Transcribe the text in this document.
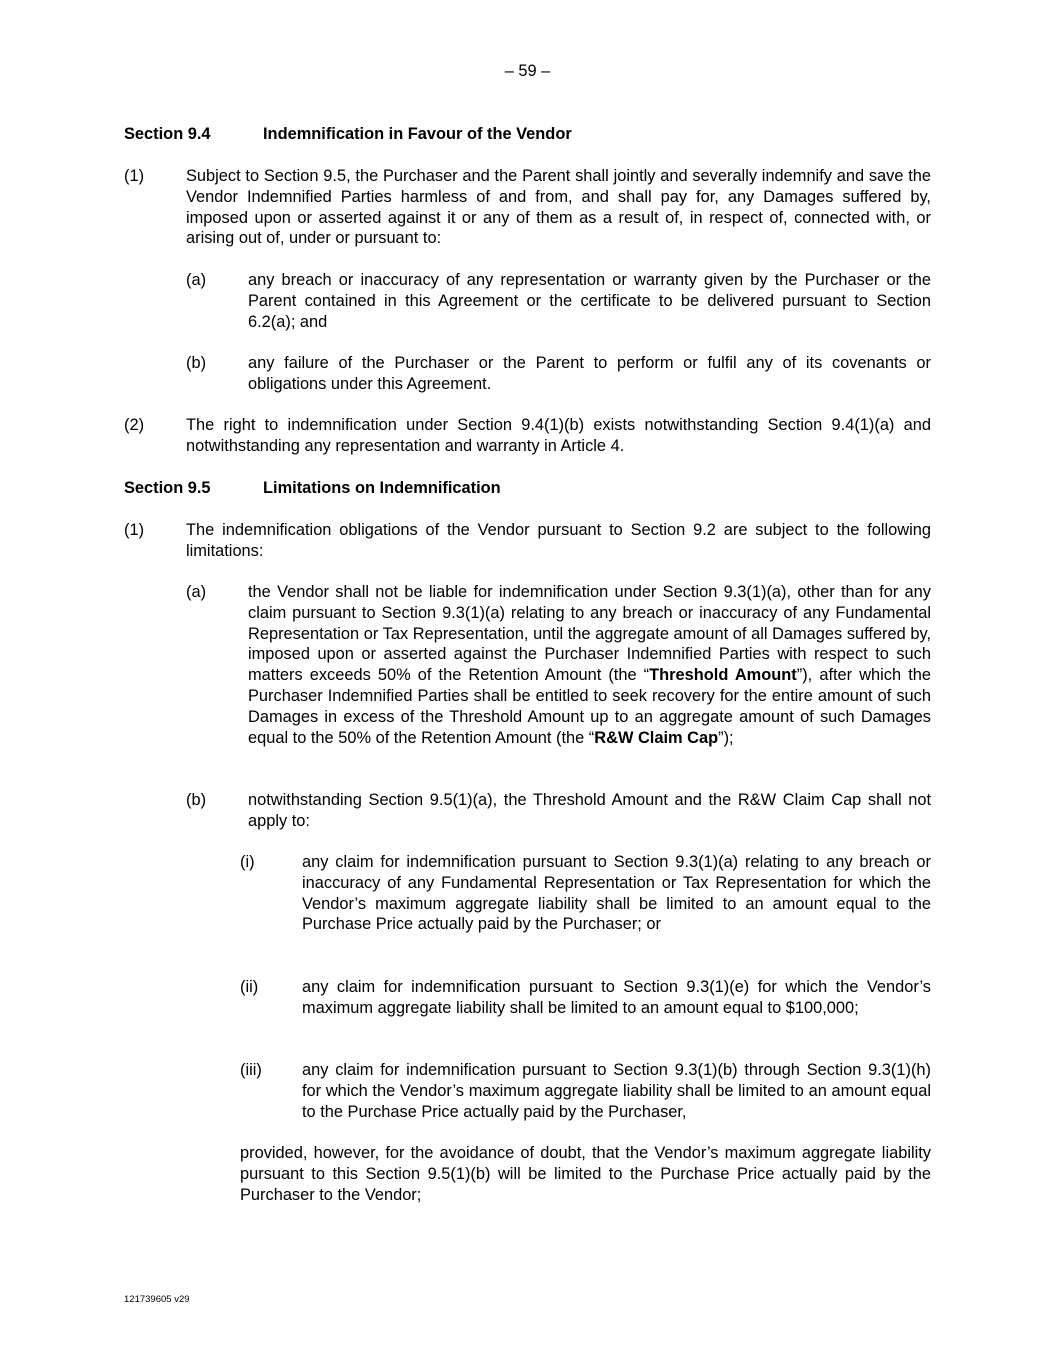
– 59 –
Section 9.4	Indemnification in Favour of the Vendor
(1)	Subject to Section 9.5, the Purchaser and the Parent shall jointly and severally indemnify and save the Vendor Indemnified Parties harmless of and from, and shall pay for, any Damages suffered by, imposed upon or asserted against it or any of them as a result of, in respect of, connected with, or arising out of, under or pursuant to:
(a)	any breach or inaccuracy of any representation or warranty given by the Purchaser or the Parent contained in this Agreement or the certificate to be delivered pursuant to Section 6.2(a); and
(b)	any failure of the Purchaser or the Parent to perform or fulfil any of its covenants or obligations under this Agreement.
(2)	The right to indemnification under Section 9.4(1)(b) exists notwithstanding Section 9.4(1)(a) and notwithstanding any representation and warranty in Article 4.
Section 9.5	Limitations on Indemnification
(1)	The indemnification obligations of the Vendor pursuant to Section 9.2 are subject to the following limitations:
(a)	the Vendor shall not be liable for indemnification under Section 9.3(1)(a), other than for any claim pursuant to Section 9.3(1)(a) relating to any breach or inaccuracy of any Fundamental Representation or Tax Representation, until the aggregate amount of all Damages suffered by, imposed upon or asserted against the Purchaser Indemnified Parties with respect to such matters exceeds 50% of the Retention Amount (the “Threshold Amount”), after which the Purchaser Indemnified Parties shall be entitled to seek recovery for the entire amount of such Damages in excess of the Threshold Amount up to an aggregate amount of such Damages equal to the 50% of the Retention Amount (the “R&W Claim Cap”);
(b)	notwithstanding Section 9.5(1)(a), the Threshold Amount and the R&W Claim Cap shall not apply to:
(i)	any claim for indemnification pursuant to Section 9.3(1)(a) relating to any breach or inaccuracy of any Fundamental Representation or Tax Representation for which the Vendor’s maximum aggregate liability shall be limited to an amount equal to the Purchase Price actually paid by the Purchaser; or
(ii)	any claim for indemnification pursuant to Section 9.3(1)(e) for which the Vendor’s maximum aggregate liability shall be limited to an amount equal to $100,000;
(iii) any claim for indemnification pursuant to Section 9.3(1)(b) through Section 9.3(1)(h) for which the Vendor’s maximum aggregate liability shall be limited to an amount equal to the Purchase Price actually paid by the Purchaser,
provided, however, for the avoidance of doubt, that the Vendor’s maximum aggregate liability pursuant to this Section 9.5(1)(b) will be limited to the Purchase Price actually paid by the Purchaser to the Vendor;
121739605 v29
